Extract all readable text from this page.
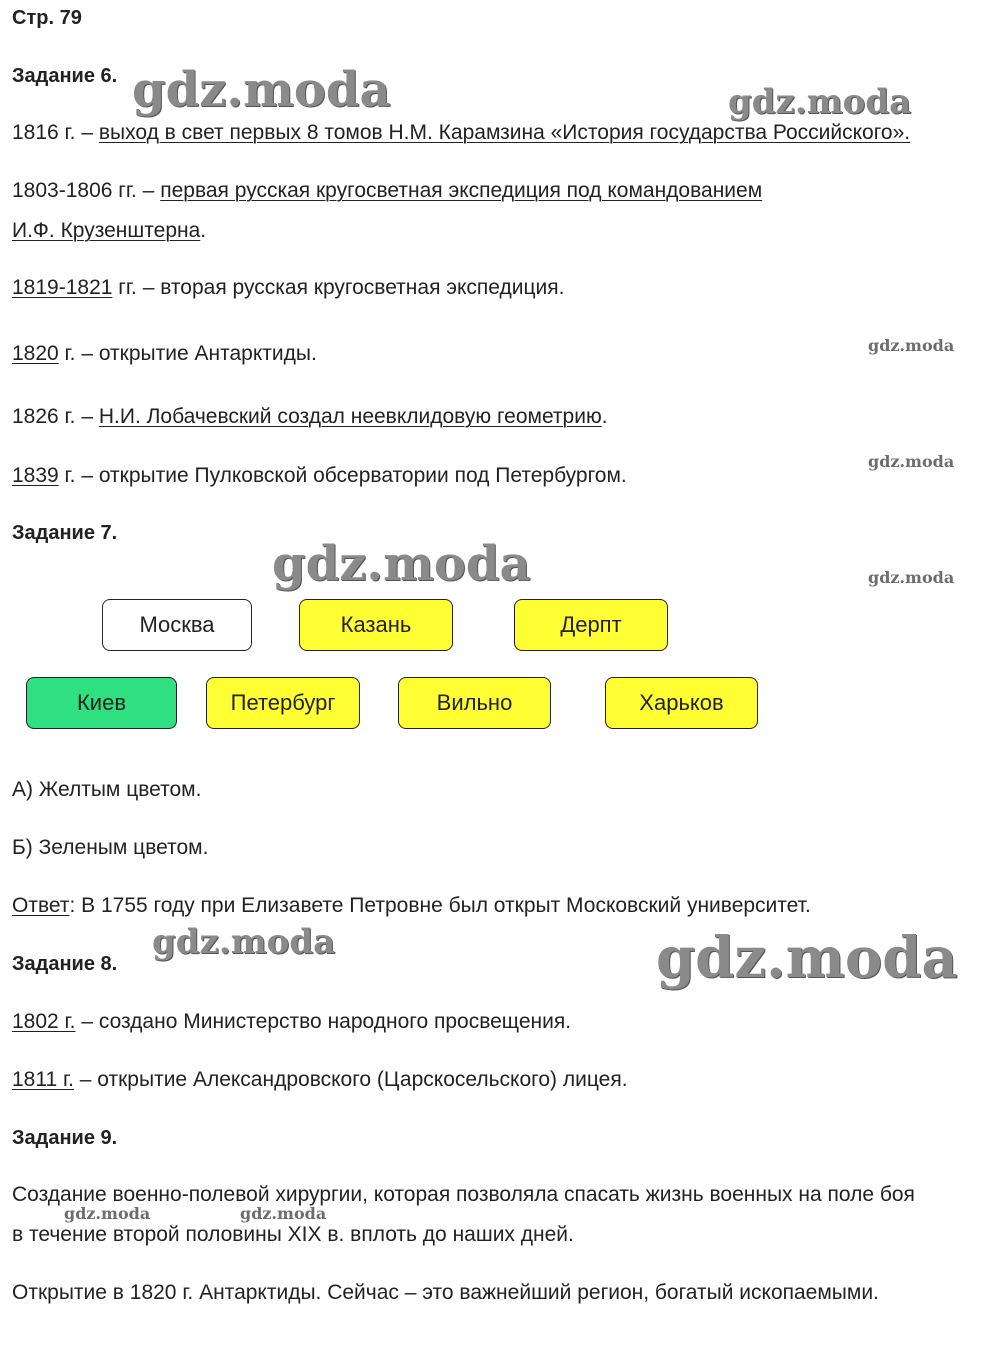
Стр. 79
Задание 6.
1816 г. – выход в свет первых 8 томов Н.М. Карамзина «История государства Российского».
1803-1806 гг. – первая русская кругосветная экспедиция под командованием
И.Ф. Крузенштерна.
1819-1821 гг. – вторая русская кругосветная экспедиция.
1820 г. – открытие Антарктиды.
1826 г. – Н.И. Лобачевский создал неевклидовую геометрию.
1839 г. – открытие Пулковской обсерватории под Петербургом.
Задание 7.
Москва	Казань	Дерпт
Киев	Петербург	Вильно	Харьков
А) Желтым цветом.
Б) Зеленым цветом.
Ответ: В 1755 году при Елизавете Петровне был открыт Московский университет.
Задание 8.
1802 г. – создано Министерство народного просвещения.
1811 г. – открытие Александровского (Царскосельского) лицея.
Задание 9.
Создание военно-полевой хирургии, которая позволяла спасать жизнь военных на поле боя
в течение второй половины XIX в. вплоть до наших дней.
Открытие в 1820 г. Антарктиды. Сейчас – это важнейший регион, богатый ископаемыми.
gdz.moda	gdz.moda
gdz.moda
gdz.moda
gdz.moda	gdz.moda
gdz.moda	gdz.moda
gdz.moda	gdz.moda
